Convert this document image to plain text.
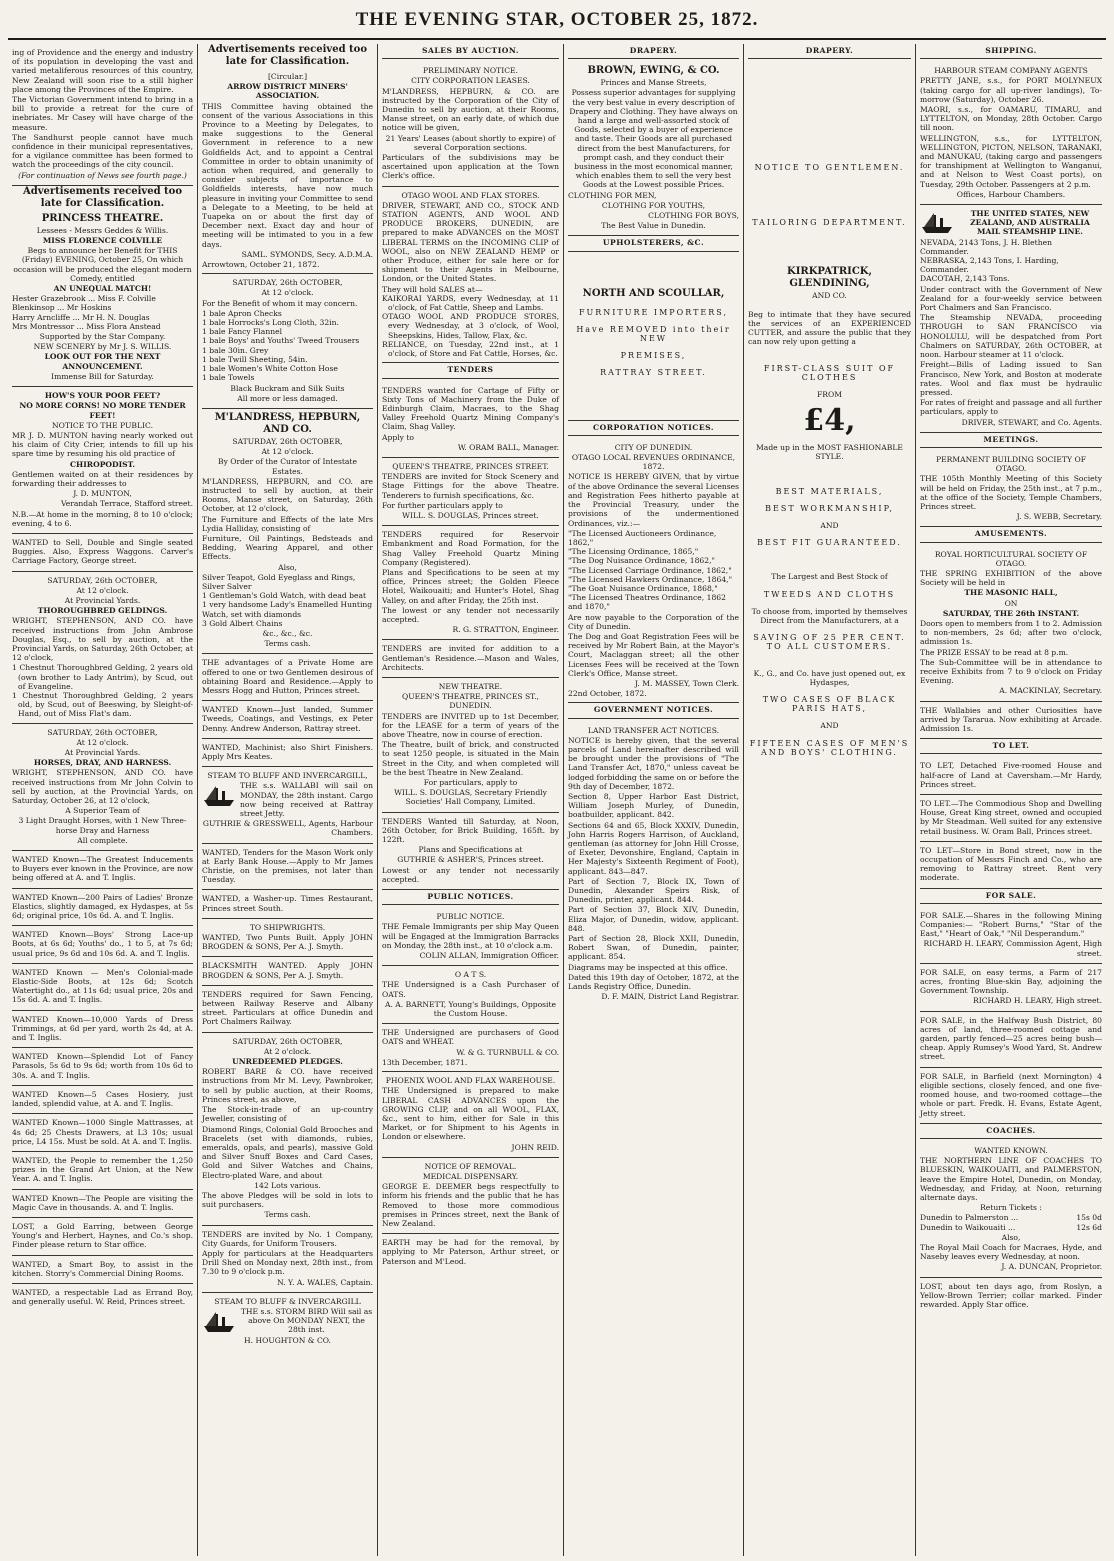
THE EVENING STAR, OCTOBER 25, 1872.

ing of Providence and the energy and industry of its population in developing the vast and varied metaliferous resources of this country, New Zealand will soon rise to a still higher place among the Provinces of the Empire.

The Victorian Government intend to bring in a bill to provide a retreat for the cure of inebriates. Mr Casey will have charge of the measure.

The Sandhurst people cannot have much confidence in their municipal representatives, for a vigilance committee has been formed to watch the proceedings of the city council.

(For continuation of News see fourth page.)

Advertisements received too late for Classification.
PRINCESS THEATRE.
Lessees - Messrs Geddes & Willis.
MISS FLORENCE COLVILLE

Begs to announce her Benefit for THIS (Friday) EVENING, October 25, On which occasion will be produced the elegant modern Comedy, entitled

AN UNEQUAL MATCH!
Hester Grazebrook ... Miss F. Colville
Blenkinsop ... Mr Hoskins
Harry Arncliffe ... Mr H. N. Douglas
Mrs Montressor ... Miss Flora Anstead
Supported by the Star Company.
NEW SCENERY by Mr J. S. WILLIS.
LOOK OUT FOR THE NEXT ANNOUNCEMENT.
Immense Bill for Saturday.
HOW'S YOUR POOR FEET?
NO MORE CORNS! NO MORE TENDER FEET!
NOTICE TO THE PUBLIC.

MR J. D. MUNTON having nearly worked out his claim of City Crier, intends to fill up his spare time by resuming his old practice of

CHIROPODIST.

Gentlemen waited on at their residences by forwarding their addresses to

J. D. MUNTON,
Verandah Terrace, Stafford street.

N.B.—At home in the morning, 8 to 10 o'clock; evening, 4 to 6.

WANTED to Sell, Double and Single seated Buggies. Also, Express Waggons. Carver's Carriage Factory, George street.

SATURDAY, 26th OCTOBER,
At 12 o'clock.
At Provincial Yards.
THOROUGHBRED GELDINGS.

WRIGHT, STEPHENSON, AND CO. have received instructions from John Ambrose Douglas, Esq., to sell by auction, at the Provincial Yards, on Saturday, 26th October, at 12 o'clock,

1 Chestnut Thoroughbred Gelding, 2 years old (own brother to Lady Antrim), by Scud, out of Evangeline.

1 Chestnut Thoroughbred Gelding, 2 years old, by Scud, out of Beeswing, by Sleight-of-Hand, out of Miss Flat's dam.

SATURDAY, 26th OCTOBER,
At 12 o'clock.
At Provincial Yards.
HORSES, DRAY, AND HARNESS.

WRIGHT, STEPHENSON, AND CO. have received instructions from Mr John Colvin to sell by auction, at the Provincial Yards, on Saturday, October 26, at 12 o'clock,

A Superior Team of
3 Light Draught Horses, with 1 New Three-horse Dray and Harness
All complete.

WANTED Known—The Greatest Inducements to Buyers ever known in the Province, are now being offered at A. and T. Inglis.

WANTED Known—200 Pairs of Ladies' Bronze Elastics, slightly damaged, ex Hydaspes, at 5s 6d; original price, 10s 6d. A. and T. Inglis.

WANTED Known—Boys' Strong Lace-up Boots, at 6s 6d; Youths' do., 1 to 5, at 7s 6d; usual price, 9s 6d and 10s 6d. A. and T. Inglis.

WANTED Known — Men's Colonial-made Elastic-Side Boots, at 12s 6d; Scotch Watertight do., at 11s 6d; usual price, 20s and 15s 6d. A. and T. Inglis.

WANTED Known—10,000 Yards of Dress Trimmings, at 6d per yard, worth 2s 4d, at A. and T. Inglis.

WANTED Known—Splendid Lot of Fancy Parasols, 5s 6d to 9s 6d; worth from 10s 6d to 30s. A. and T. Inglis.

WANTED Known—5 Cases Hosiery, just landed, splendid value, at A. and T. Inglis.

WANTED Known—1000 Single Mattrasses, at 4s 6d; 25 Chests Drawers, at L3 10s; usual price, L4 15s. Must be sold. At A. and T. Inglis.

WANTED, the People to remember the 1,250 prizes in the Grand Art Union, at the New Year. A. and T. Inglis.

WANTED Known—The People are visiting the Magic Cave in thousands. A. and T. Inglis.

LOST, a Gold Earring, between George Young's and Herbert, Haynes, and Co.'s shop. Finder please return to Star office.

WANTED, a Smart Boy, to assist in the kitchen. Storry's Commercial Dining Rooms.

WANTED, a respectable Lad as Errand Boy, and generally useful. W. Reid, Princes street.

Advertisements received too late for Classification.
[Circular.]
ARROW DISTRICT MINERS' ASSOCIATION.

THIS Committee having obtained the consent of the various Associations in this Province to a Meeting by Delegates, to make suggestions to the General Government in reference to a new Goldfields Act, and to appoint a Central Committee in order to obtain unanimity of action when required, and generally to consider subjects of importance to Goldfields interests, have now much pleasure in inviting your Committee to send a Delegate to a Meeting, to be held at Tuapeka on or about the first day of December next. Exact day and hour of meeting will be intimated to you in a few days.

SAML. SYMONDS, Secy. A.D.M.A.
Arrowtown, October 21, 1872.
SATURDAY, 26th OCTOBER,
At 12 o'clock.

For the Benefit of whom it may concern.

1 bale Apron Checks
1 bale Horrocks's Long Cloth, 32in.
1 bale Fancy Flannel
1 bale Boys' and Youths' Tweed Trousers
1 bale 30in. Grey
1 bale Twill Sheeting, 54in.
1 bale Women's White Cotton Hose
1 bale Towels
Black Buckram and Silk Suits
All more or less damaged.
M'LANDRESS, HEPBURN, AND CO.
SATURDAY, 26th OCTOBER,
At 12 o'clock.
By Order of the Curator of Intestate Estates.

M'LANDRESS, HEPBURN, and CO. are instructed to sell by auction, at their Rooms, Manse street, on Saturday, 26th October, at 12 o'clock,

The Furniture and Effects of the late Mrs Lydia Halliday, consisting of

Furniture, Oil Paintings, Bedsteads and Bedding, Wearing Apparel, and other Effects.

Also,
Silver Teapot, Gold Eyeglass and Rings, Silver Salver
1 Gentleman's Gold Watch, with dead beat
1 very handsome Lady's Enamelled Hunting Watch, set with diamonds
3 Gold Albert Chains
&c., &c., &c.
Terms cash.

THE advantages of a Private Home are offered to one or two Gentlemen desirous of obtaining Board and Residence.—Apply to Messrs Hogg and Hutton, Princes street.

WANTED Known—Just landed, Summer Tweeds, Coatings, and Vestings, ex Peter Denny. Andrew Anderson, Rattray street.

WANTED, Machinist; also Shirt Finishers. Apply Mrs Keates.

STEAM TO BLUFF AND INVERCARGILL,

THE s.s. WALLABI will sail on MONDAY, the 28th instant. Cargo now being received at Rattray street Jetty.

GUTHRIE & GRESSWELL, Agents, Harbour Chambers.

WANTED, Tenders for the Mason Work only at Early Bank House.—Apply to Mr James Christie, on the premises, not later than Tuesday.

WANTED, a Washer-up. Times Restaurant, Princes street South.

TO SHIPWRIGHTS.

WANTED, Two Punts Built. Apply JOHN BROGDEN & SONS, Per A. J. Smyth.

BLACKSMITH WANTED. Apply JOHN BROGDEN & SONS, Per A. J. Smyth.

TENDERS required for Sawn Fencing, between Railway Reserve and Albany street. Particulars at office Dunedin and Port Chalmers Railway.

SATURDAY, 26th OCTOBER,
At 2 o'clock.
UNREDEEMED PLEDGES.

ROBERT BARE & CO. have received instructions from Mr M. Levy, Pawnbroker, to sell by public auction, at their Rooms, Princes street, as above,

The Stock-in-trade of an up-country Jeweller, consisting of

Diamond Rings, Colonial Gold Brooches and Bracelets (set with diamonds, rubies, emeralds, opals, and pearls), massive Gold and Silver Snuff Boxes and Card Cases, Gold and Silver Watches and Chains, Electro-plated Ware, and about

142 Lots various.

The above Pledges will be sold in lots to suit purchasers.

Terms cash.

TENDERS are invited by No. 1 Company, City Guards, for Uniform Trousers.

Apply for particulars at the Headquarters Drill Shed on Monday next, 28th inst., from 7.30 to 9 o'clock p.m.

N. Y. A. WALES, Captain.
STEAM TO BLUFF & INVERCARGILL

THE s.s. STORM BIRD Will sail as above On MONDAY NEXT, the 28th inst.

H. HOUGHTON & CO.
SALES BY AUCTION.
PRELIMINARY NOTICE.
CITY CORPORATION LEASES.

M'LANDRESS, HEPBURN, & CO. are instructed by the Corporation of the City of Dunedin to sell by auction, at their Rooms, Manse street, on an early date, of which due notice will be given,

21 Years' Leases (about shortly to expire) of several Corporation sections.

Particulars of the subdivisions may be ascertained upon application at the Town Clerk's office.

OTAGO WOOL AND FLAX STORES.

DRIVER, STEWART, AND CO., STOCK AND STATION AGENTS, AND WOOL AND PRODUCE BROKERS, DUNEDIN, are prepared to make ADVANCES on the MOST LIBERAL TERMS on the INCOMING CLIP of WOOL, also on NEW ZEALAND HEMP or other Produce, either for sale here or for shipment to their Agents in Melbourne, London, or the United States.

They will hold SALES at—

KAIKORAI YARDS, every Wednesday, at 11 o'clock, of Fat Cattle, Sheep and Lambs.

OTAGO WOOL AND PRODUCE STORES, every Wednesday, at 3 o'clock, of Wool, Sheepskins, Hides, Tallow, Flax, &c.

RELIANCE, on Tuesday, 22nd inst., at 1 o'clock, of Store and Fat Cattle, Horses, &c.

TENDERS

TENDERS wanted for Cartage of Fifty or Sixty Tons of Machinery from the Duke of Edinburgh Claim, Macraes, to the Shag Valley Freehold Quartz Mining Company's Claim, Shag Valley.

Apply to
W. ORAM BALL, Manager.
QUEEN'S THEATRE, PRINCES STREET.

TENDERS are invited for Stock Scenery and Stage Fittings for the above Theatre. Tenderers to furnish specifications, &c.

For further particulars apply to
WILL. S. DOUGLAS, Princes street.

TENDERS required for Reservoir Embankment and Road Formation, for the Shag Valley Freehold Quartz Mining Company (Registered).

Plans and Specifications to be seen at my office, Princes street; the Golden Fleece Hotel, Waikouaiti; and Hunter's Hotel, Shag Valley, on and after Friday, the 25th inst.

The lowest or any tender not necessarily accepted.

R. G. STRATTON, Engineer.

TENDERS are invited for addition to a Gentleman's Residence.—Mason and Wales, Architects.

NEW THEATRE.
QUEEN'S THEATRE, PRINCES ST., DUNEDIN.

TENDERS are INVITED up to 1st December, for the LEASE for a term of years of the above Theatre, now in course of erection.

The Theatre, built of brick, and constructed to seat 1250 people, is situated in the Main Street in the City, and when completed will be the best Theatre in New Zealand.

For particulars, apply to
WILL. S. DOUGLAS, Secretary Friendly Societies' Hall Company, Limited.

TENDERS Wanted till Saturday, at Noon, 26th October, for Brick Building, 165ft. by 122ft.

Plans and Specifications at
GUTHRIE & ASHER'S, Princes street.

Lowest or any tender not necessarily accepted.

PUBLIC NOTICES.
PUBLIC NOTICE.

THE Female Immigrants per ship May Queen will be Engaged at the Immigration Barracks on Monday, the 28th inst., at 10 o'clock a.m.

COLIN ALLAN, Immigration Officer.
O A T S.

THE Undersigned is a Cash Purchaser of OATS.

A. A. BARNETT, Young's Buildings, Opposite the Custom House.

THE Undersigned are purchasers of Good OATS and WHEAT.

W. & G. TURNBULL & CO.
13th December, 1871.
PHOENIX WOOL AND FLAX WAREHOUSE.

THE Undersigned is prepared to make LIBERAL CASH ADVANCES upon the GROWING CLIP, and on all WOOL, FLAX, &c., sent to him, either for Sale in this Market, or for Shipment to his Agents in London or elsewhere.

JOHN REID.
NOTICE OF REMOVAL.
MEDICAL DISPENSARY.

GEORGE E. DEEMER begs respectfully to inform his friends and the public that he has Removed to those more commodious premises in Princes street, next the Bank of New Zealand.

EARTH may be had for the removal, by applying to Mr Paterson, Arthur street, or Paterson and M'Leod.

DRAPERY.
BROWN, EWING, & CO.
Princes and Manse Streets,

Possess superior advantages for supplying the very best value in every description of Drapery and Clothing. They have always on hand a large and well-assorted stock of Goods, selected by a buyer of experience and taste. Their Goods are all purchased direct from the best Manufacturers, for prompt cash, and they conduct their business in the most economical manner, which enables them to sell the very best Goods at the Lowest possible Prices.

CLOTHING FOR MEN,
CLOTHING FOR YOUTHS,
CLOTHING FOR BOYS,
The Best Value in Dunedin.
UPHOLSTERERS, &C.
NORTH AND SCOULLAR,
FURNITURE IMPORTERS,
Have REMOVED into their NEW
PREMISES,
RATTRAY STREET.
CORPORATION NOTICES.
CITY OF DUNEDIN.
OTAGO LOCAL REVENUES ORDINANCE, 1872.

NOTICE IS HEREBY GIVEN, that by virtue of the above Ordinance the several Licenses and Registration Fees hitherto payable at the Provincial Treasury, under the provisions of the undermentioned Ordinances, viz.:—

"The Licensed Auctioneers Ordinance, 1862,"
"The Licensing Ordinance, 1865,"
"The Dog Nuisance Ordinance, 1862,"
"The Licensed Carriage Ordinance, 1862,"
"The Licensed Hawkers Ordinance, 1864,"
"The Goat Nuisance Ordinance, 1868,"
"The Licensed Theatres Ordinance, 1862 and 1870,"

Are now payable to the Corporation of the City of Dunedin.

The Dog and Goat Registration Fees will be received by Mr Robert Bain, at the Mayor's Court, Maclaggan street; all the other Licenses Fees will be received at the Town Clerk's Office, Manse street.

J. M. MASSEY, Town Clerk.
22nd October, 1872.
GOVERNMENT NOTICES.
LAND TRANSFER ACT NOTICES.

NOTICE is hereby given, that the several parcels of Land hereinafter described will be brought under the provisions of "The Land Transfer Act, 1870," unless caveat be lodged forbidding the same on or before the 9th day of December, 1872.

Section 8, Upper Harbor East District, William Joseph Murley, of Dunedin, boatbuilder, applicant. 842.

Sections 64 and 65, Block XXXIV, Dunedin, John Harris Rogers Harrison, of Auckland, gentleman (as attorney for John Hill Crosse, of Exeter, Devonshire, England, Captain in Her Majesty's Sixteenth Regiment of Foot), applicant. 843—847.

Part of Section 7, Block IX, Town of Dunedin, Alexander Speirs Risk, of Dunedin, printer, applicant. 844.

Part of Section 37, Block XIV, Dunedin, Eliza Major, of Dunedin, widow, applicant. 848.

Part of Section 28, Block XXII, Dunedin, Robert Swan, of Dunedin, painter, applicant. 854.

Diagrams may be inspected at this office.

Dated this 19th day of October, 1872, at the Lands Registry Office, Dunedin.

D. F. MAIN, District Land Registrar.
DRAPERY.
NOTICE TO GENTLEMEN.
TAILORING DEPARTMENT.
KIRKPATRICK, GLENDINING,
AND CO.

Beg to intimate that they have secured the services of an EXPERIENCED CUTTER, and assure the public that they can now rely upon getting a

FIRST-CLASS SUIT OF CLOTHES
FROM
£4,
Made up in the MOST FASHIONABLE STYLE.
BEST MATERIALS,
BEST WORKMANSHIP,
AND
BEST FIT GUARANTEED.
The Largest and Best Stock of
TWEEDS AND CLOTHS

To choose from, imported by themselves Direct from the Manufacturers, at a

SAVING OF 25 PER CENT. TO ALL CUSTOMERS.

K., G., and Co. have just opened out, ex Hydaspes,

TWO CASES OF BLACK PARIS HATS,
AND
FIFTEEN CASES OF MEN'S AND BOYS' CLOTHING.
SHIPPING.
HARBOUR STEAM COMPANY AGENTS

PRETTY JANE, s.s., for PORT MOLYNEUX (taking cargo for all up-river landings), To-morrow (Saturday), October 26.

MAORI, s.s., for OAMARU, TIMARU, and LYTTELTON, on Monday, 28th October. Cargo till noon.

WELLINGTON, s.s., for LYTTELTON, WELLINGTON, PICTON, NELSON, TARANAKI, and MANUKAU, (taking cargo and passengers for transhipment at Wellington to Wanganui, and at Nelson to West Coast ports), on Tuesday, 29th October. Passengers at 2 p.m.

Offices, Harbour Chambers.
THE UNITED STATES, NEW ZEALAND, AND AUSTRALIA MAIL STEAMSHIP LINE.
NEVADA, 2143 Tons, J. H. Blethen Commander.
NEBRASKA, 2,143 Tons, I. Harding, Commander.
DACOTAH, 2,143 Tons.

Under contract with the Government of New Zealand for a four-weekly service between Port Chalmers and San Francisco.

The Steamship NEVADA, proceeding THROUGH to SAN FRANCISCO via HONOLULU, will be despatched from Port Chalmers on SATURDAY, 26th OCTOBER, at noon. Harbour steamer at 11 o'clock.

Freight—Bills of Lading issued to San Francisco, New York, and Boston at moderate rates. Wool and flax must be hydraulic pressed.

For rates of freight and passage and all further particulars, apply to

DRIVER, STEWART, and Co. Agents.
MEETINGS.
PERMANENT BUILDING SOCIETY OF OTAGO.

THE 105th Monthly Meeting of this Society will be held on Friday, the 25th inst., at 7 p.m., at the office of the Society, Temple Chambers, Princes street.

J. S. WEBB, Secretary.
AMUSEMENTS.
ROYAL HORTICULTURAL SOCIETY OF OTAGO.

THE SPRING EXHIBITION of the above Society will be held in

THE MASONIC HALL,
ON
SATURDAY, THE 26th INSTANT.

Doors open to members from 1 to 2. Admission to non-members, 2s 6d; after two o'clock, admission 1s.

The PRIZE ESSAY to be read at 8 p.m.

The Sub-Committee will be in attendance to receive Exhibits from 7 to 9 o'clock on Friday Evening.

A. MACKINLAY, Secretary.

THE Wallabies and other Curiosities have arrived by Tararua. Now exhibiting at Arcade. Admission 1s.

TO LET.

TO LET, Detached Five-roomed House and half-acre of Land at Caversham.—Mr Hardy, Princes street.

TO LET.—The Commodious Shop and Dwelling House, Great King street, owned and occupied by Mr Steadman. Well suited for any extensive retail business. W. Oram Ball, Princes street.

TO LET—Store in Bond street, now in the occupation of Messrs Finch and Co., who are removing to Rattray street. Rent very moderate.

FOR SALE.

FOR SALE.—Shares in the following Mining Companies:— "Robert Burns," "Star of the East," "Heart of Oak," "Nil Desperandum."

RICHARD H. LEARY, Commission Agent, High street.

FOR SALE, on easy terms, a Farm of 217 acres, fronting Blue-skin Bay, adjoining the Government Township.

RICHARD H. LEARY, High street.

FOR SALE, in the Halfway Bush District, 80 acres of land, three-roomed cottage and garden, partly fenced—25 acres being bush—cheap. Apply Rumsey's Wood Yard, St. Andrew street.

FOR SALE, in Barfield (next Mornington) 4 eligible sections, closely fenced, and one five-roomed house, and two-roomed cottage—the whole or part. Fredk. H. Evans, Estate Agent, Jetty street.

COACHES.
WANTED KNOWN.

THE NORTHERN LINE OF COACHES TO BLUESKIN, WAIKOUAITI, and PALMERSTON, leave the Empire Hotel, Dunedin, on Monday, Wednesday, and Friday, at Noon, returning alternate days.

Return Tickets :
Dunedin to Palmerston ...	15s 0d
Dunedin to Waikouaiti ...	12s 6d
Also,

The Royal Mail Coach for Macraes, Hyde, and Naseby leaves every Wednesday, at noon.

J. A. DUNCAN, Proprietor.

LOST, about ten days ago, from Roslyn, a Yellow-Brown Terrier; collar marked. Finder rewarded. Apply Star office.
